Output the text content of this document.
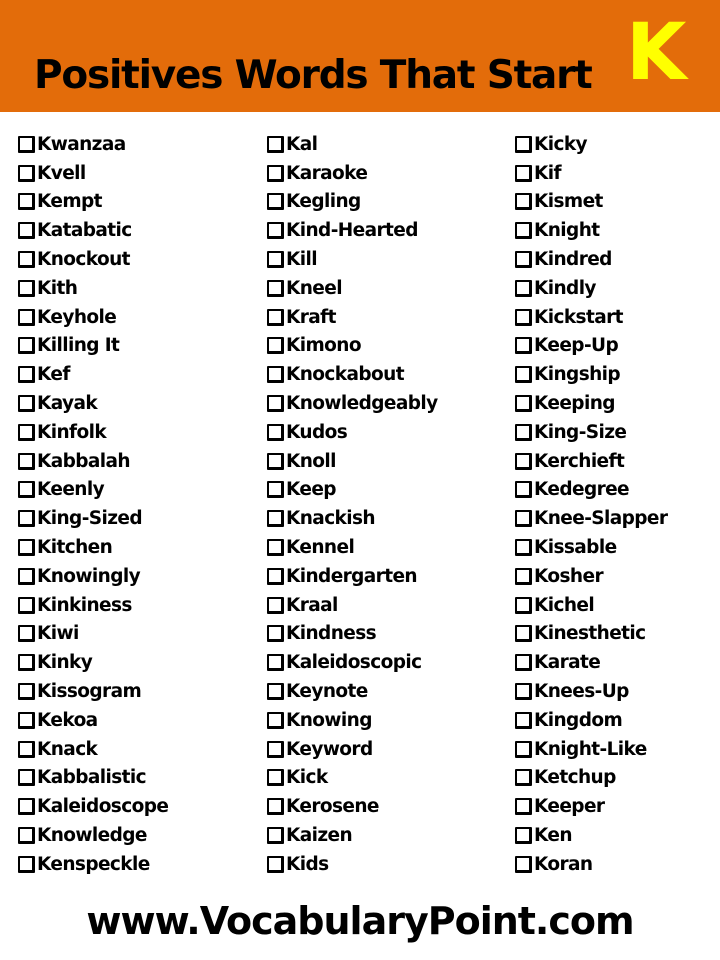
Positives Words That Start K
Kwanzaa
Kvell
Kempt
Katabatic
Knockout
Kith
Keyhole
Killing It
Kef
Kayak
Kinfolk
Kabbalah
Keenly
King-Sized
Kitchen
Knowingly
Kinkiness
Kiwi
Kinky
Kissogram
Kekoa
Knack
Kabbalistic
Kaleidoscope
Knowledge
Kenspeckle
Kal
Karaoke
Kegling
Kind-Hearted
Kill
Kneel
Kraft
Kimono
Knockabout
Knowledgeably
Kudos
Knoll
Keep
Knackish
Kennel
Kindergarten
Kraal
Kindness
Kaleidoscopic
Keynote
Knowing
Keyword
Kick
Kerosene
Kaizen
Kids
Kicky
Kif
Kismet
Knight
Kindred
Kindly
Kickstart
Keep-Up
Kingship
Keeping
King-Size
Kerchieft
Kedegree
Knee-Slapper
Kissable
Kosher
Kichel
Kinesthetic
Karate
Knees-Up
Kingdom
Knight-Like
Ketchup
Keeper
Ken
Koran
www.VocabularyPoint.com
